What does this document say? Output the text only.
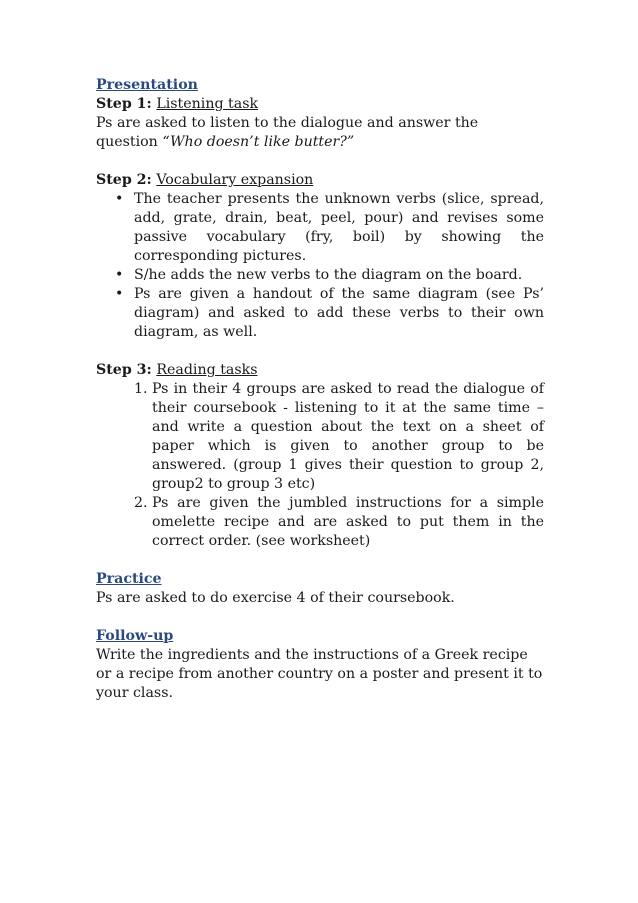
Presentation

Step 1: Listening task

Ps are asked to listen to the dialogue and answer the question “Who doesn’t like butter?”

Step 2: Vocabulary expansion

• The teacher presents the unknown verbs (slice, spread, add, grate, drain, beat, peel, pour) and revises some passive vocabulary (fry, boil) by showing the corresponding pictures.
• S/he adds the new verbs to the diagram on the board.
• Ps are given a handout of the same diagram (see Ps’ diagram) and asked to add these verbs to their own diagram, as well.

Step 3: Reading tasks

1. Ps in their 4 groups are asked to read the dialogue of their coursebook - listening to it at the same time – and write a question about the text on a sheet of paper which is given to another group to be answered. (group 1 gives their question to group 2, group2 to group 3 etc)
2. Ps are given the jumbled instructions for a simple omelette recipe and are asked to put them in the correct order. (see worksheet)

Practice

Ps are asked to do exercise 4 of their coursebook.

Follow-up

Write the ingredients and the instructions of a Greek recipe or a recipe from another country on a poster and present it to your class.
